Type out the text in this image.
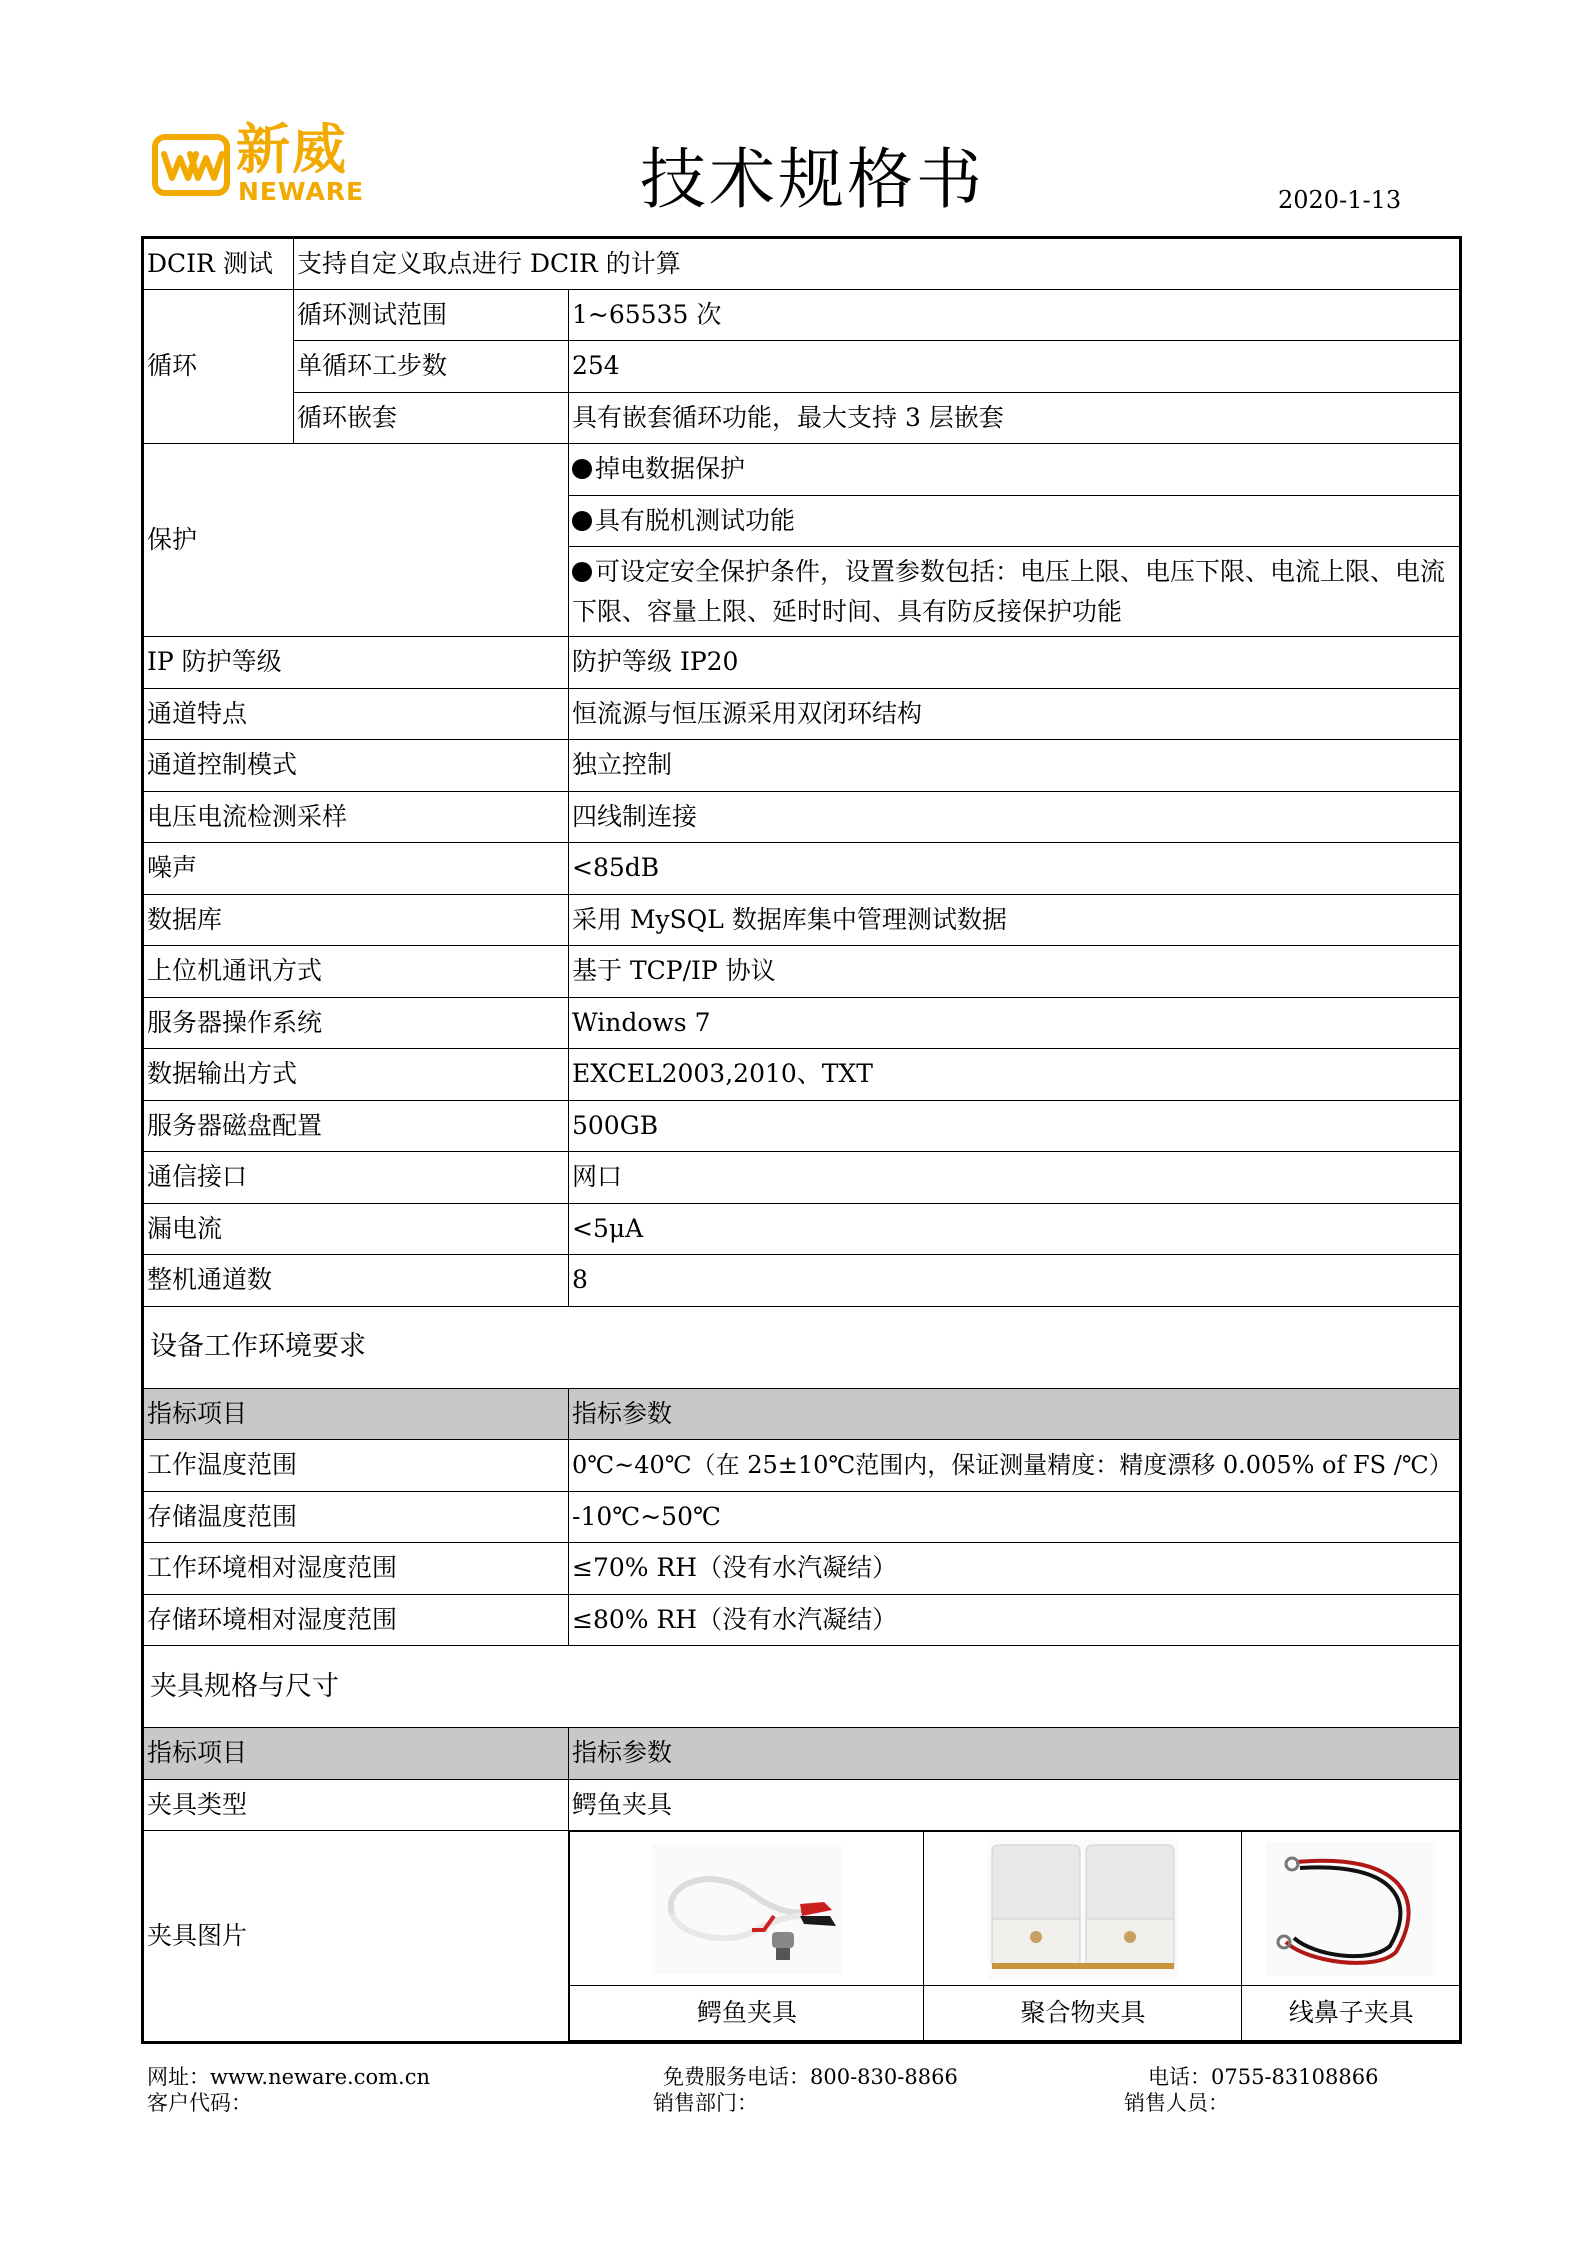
新威
NEWARE	技术规格书	2020-1-13
DCIR 测试	支持自定义取点进行 DCIR 的计算
循环	循环测试范围	1~65535 次
单循环工步数	254
循环嵌套	具有嵌套循环功能，最大支持 3 层嵌套
保护	掉电数据保护
具有脱机测试功能
可设定安全保护条件，设置参数包括：电压上限、电压下限、电流上限、电流下限、容量上限、延时时间、具有防反接保护功能
IP 防护等级	防护等级 IP20
通道特点	恒流源与恒压源采用双闭环结构
通道控制模式	独立控制
电压电流检测采样	四线制连接
噪声	<85dB
数据库	采用 MySQL 数据库集中管理测试数据
上位机通讯方式	基于 TCP/IP 协议
服务器操作系统	Windows 7
数据输出方式	EXCEL2003,2010、TXT
服务器磁盘配置	500GB
通信接口	网口
漏电流	<5μA
整机通道数	8
设备工作环境要求
指标项目	指标参数
工作温度范围	0℃~40℃（在 25±10℃范围内，保证测量精度：精度漂移 0.005% of FS /℃）
存储温度范围	-10℃~50℃
工作环境相对湿度范围	≤70% RH（没有水汽凝结）
存储环境相对湿度范围	≤80% RH（没有水汽凝结）
夹具规格与尺寸
指标项目	指标参数
夹具类型	鳄鱼夹具
夹具图片	

鳄鱼夹具	聚合物夹具	线鼻子夹具
网址：www.neware.com.cn	免费服务电话：800-830-8866	电话：0755-83108866
客户代码：	销售部门：	销售人员：
